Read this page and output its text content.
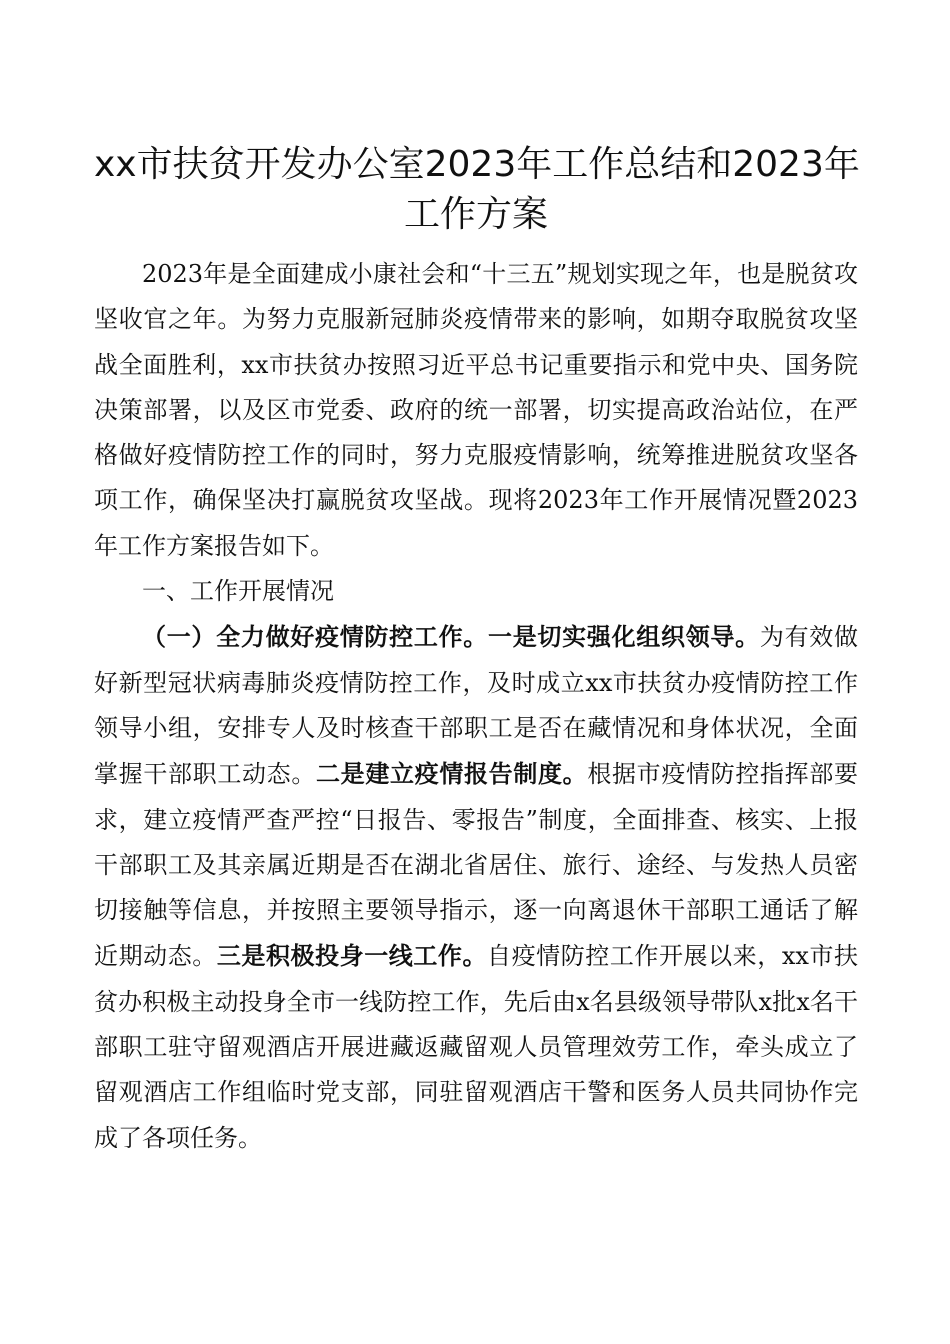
xx市扶贫开发办公室2023年工作总结和2023年
工作方案

2023年是全面建成小康社会和“十三五”规划实现之年，也是脱贫攻坚收官之年。为努力克服新冠肺炎疫情带来的影响，如期夺取脱贫攻坚战全面胜利，xx市扶贫办按照习近平总书记重要指示和党中央、国务院决策部署，以及区市党委、政府的统一部署，切实提高政治站位，在严格做好疫情防控工作的同时，努力克服疫情影响，统筹推进脱贫攻坚各项工作，确保坚决打赢脱贫攻坚战。现将2023年工作开展情况暨2023年工作方案报告如下。

一、工作开展情况

（一）全力做好疫情防控工作。一是切实强化组织领导。为有效做好新型冠状病毒肺炎疫情防控工作，及时成立xx市扶贫办疫情防控工作领导小组，安排专人及时核查干部职工是否在藏情况和身体状况，全面掌握干部职工动态。二是建立疫情报告制度。根据市疫情防控指挥部要求，建立疫情严查严控“日报告、零报告”制度，全面排查、核实、上报干部职工及其亲属近期是否在湖北省居住、旅行、途经、与发热人员密切接触等信息，并按照主要领导指示，逐一向离退休干部职工通话了解近期动态。三是积极投身一线工作。自疫情防控工作开展以来，xx市扶贫办积极主动投身全市一线防控工作，先后由x名县级领导带队x批x名干部职工驻守留观酒店开展进藏返藏留观人员管理效劳工作，牵头成立了留观酒店工作组临时党支部，同驻留观酒店干警和医务人员共同协作完成了各项任务。
